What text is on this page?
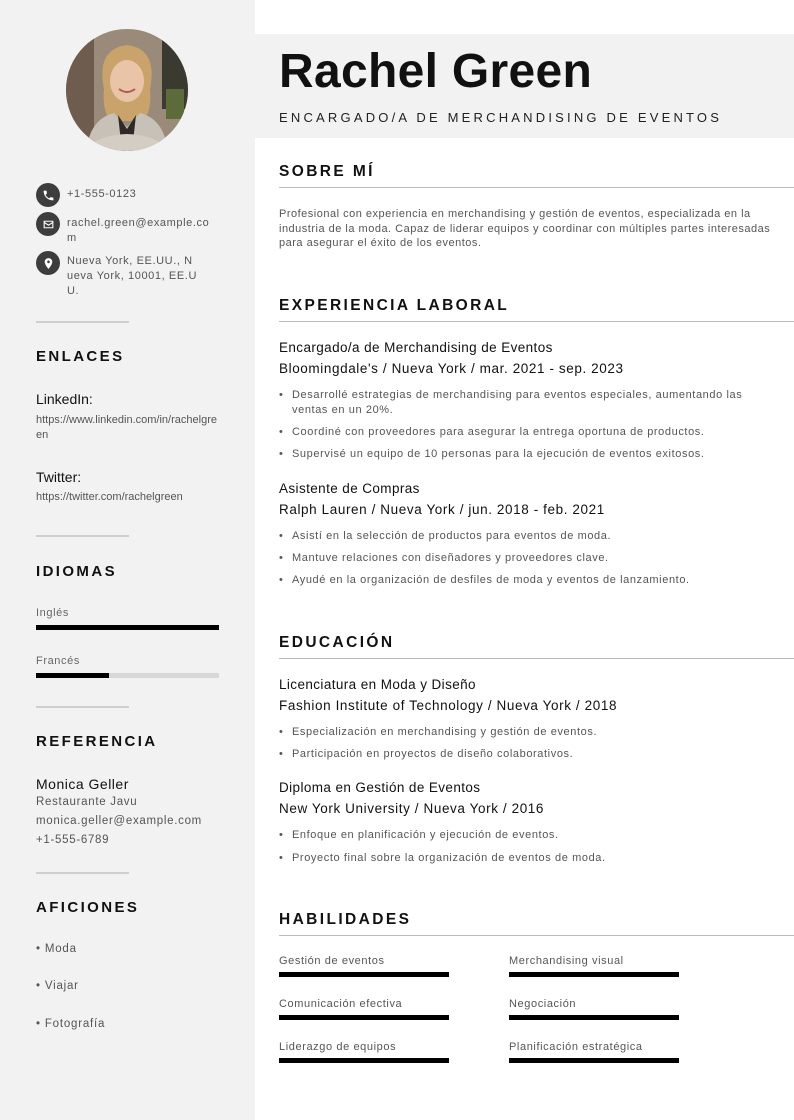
+1-555-0123
rachel.green@example.com
Nueva York, EE.UU., Nueva York, 10001, EE.UU.
ENLACES
LinkedIn:
https://www.linkedin.com/in/rachelgreen
Twitter:
https://twitter.com/rachelgreen
IDIOMAS
Inglés
Francés
REFERENCIA
Monica Geller
Restaurante Javu
monica.geller@example.com
+1-555-6789
AFICIONES
• Moda
• Viajar
• Fotografía
Rachel Green
ENCARGADO/A DE MERCHANDISING DE EVENTOS
SOBRE MÍ
Profesional con experiencia en merchandising y gestión de eventos, especializada en la industria de la moda. Capaz de liderar equipos y coordinar con múltiples partes interesadas para asegurar el éxito de los eventos.
EXPERIENCIA LABORAL
Encargado/a de Merchandising de Eventos
Bloomingdale's / Nueva York / mar. 2021 - sep. 2023
• Desarrollé estrategias de merchandising para eventos especiales, aumentando las ventas en un 20%.
• Coordiné con proveedores para asegurar la entrega oportuna de productos.
• Supervisé un equipo de 10 personas para la ejecución de eventos exitosos.
Asistente de Compras
Ralph Lauren / Nueva York / jun. 2018 - feb. 2021
• Asistí en la selección de productos para eventos de moda.
• Mantuve relaciones con diseñadores y proveedores clave.
• Ayudé en la organización de desfiles de moda y eventos de lanzamiento.
EDUCACIÓN
Licenciatura en Moda y Diseño
Fashion Institute of Technology / Nueva York / 2018
• Especialización en merchandising y gestión de eventos.
• Participación en proyectos de diseño colaborativos.
Diploma en Gestión de Eventos
New York University / Nueva York / 2016
• Enfoque en planificación y ejecución de eventos.
• Proyecto final sobre la organización de eventos de moda.
HABILIDADES
Gestión de eventos	Merchandising visual
Comunicación efectiva	Negociación
Liderazgo de equipos	Planificación estratégica
